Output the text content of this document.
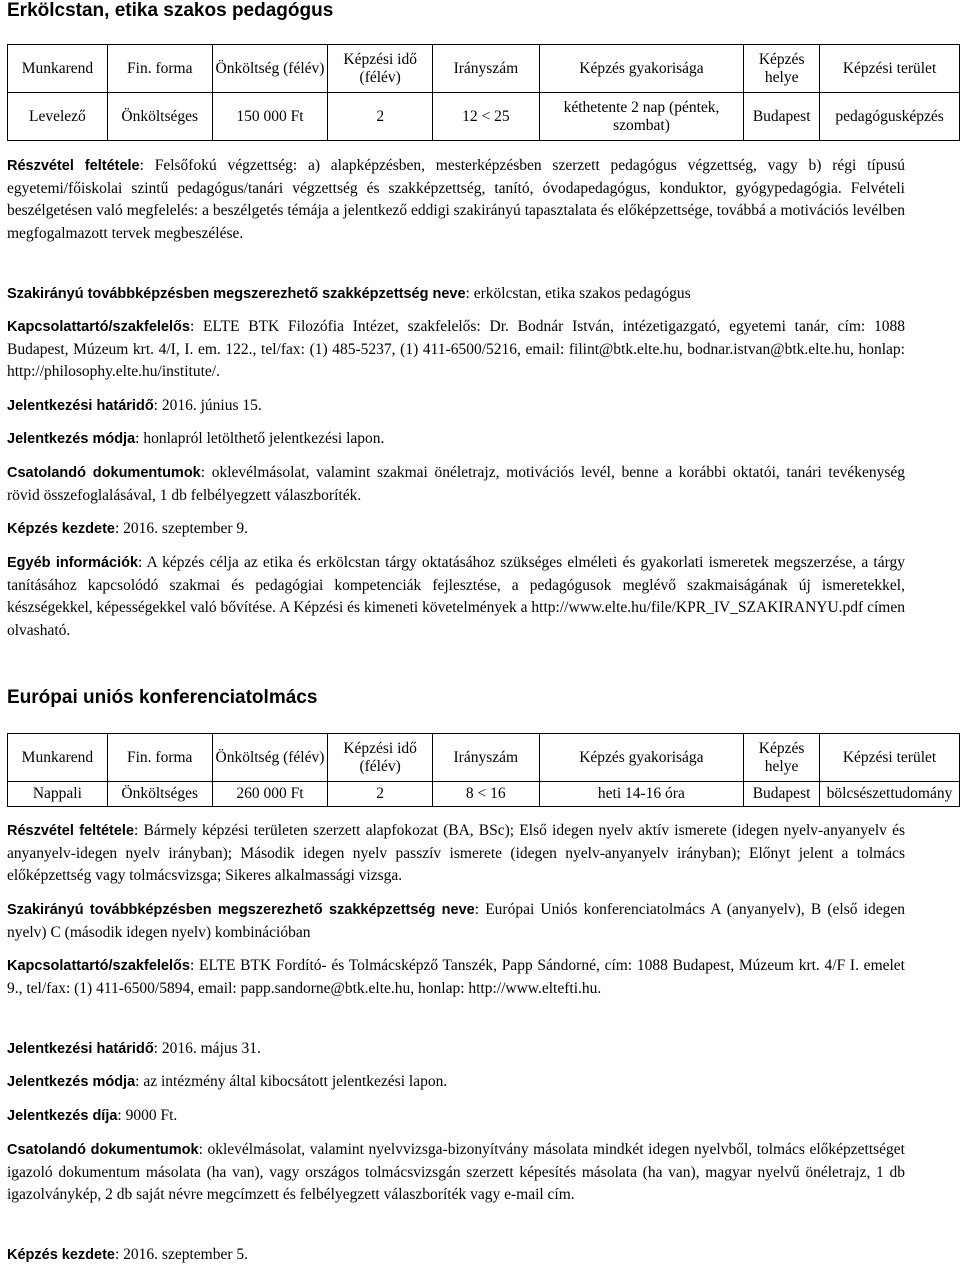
Erkölcstan, etika szakos pedagógus
Munkarend	Fin. forma	Önköltség (félév)	Képzési idő (félév)	Irányszám	Képzés gyakorisága	Képzés helye	Képzési terület
Levelező	Önköltséges	150 000 Ft	2	12 < 25	kéthetente 2 nap (péntek, szombat)	Budapest	pedagógusképzés

Részvétel feltétele: Felsőfokú végzettség: a) alapképzésben, mesterképzésben szerzett pedagógus végzettség, vagy b) régi típusú egyetemi/főiskolai szintű pedagógus/tanári végzettség és szakképzettség, tanító, óvodapedagógus, konduktor, gyógypedagógia. Felvételi beszélgetésen való megfelelés: a beszélgetés témája a jelentkező eddigi szakirányú tapasztalata és előképzettsége, továbbá a motivációs levélben megfogalmazott tervek megbeszélése.

Szakirányú továbbképzésben megszerezhető szakképzettség neve: erkölcstan, etika szakos pedagógus

Kapcsolattartó/szakfelelős: ELTE BTK Filozófia Intézet, szakfelelős: Dr. Bodnár István, intézetigazgató, egyetemi tanár, cím: 1088 Budapest, Múzeum krt. 4/I, I. em. 122., tel/fax: (1) 485-5237, (1) 411-6500/5216, email: filint@btk.elte.hu, bodnar.istvan@btk.elte.hu, honlap: http://philosophy.elte.hu/institute/.

Jelentkezési határidő: 2016. június 15.

Jelentkezés módja: honlapról letölthető jelentkezési lapon.

Csatolandó dokumentumok: oklevélmásolat, valamint szakmai önéletrajz, motivációs levél, benne a korábbi oktatói, tanári tevékenység rövid összefoglalásával, 1 db felbélyegzett válaszboríték.

Képzés kezdete: 2016. szeptember 9.

Egyéb információk: A képzés célja az etika és erkölcstan tárgy oktatásához szükséges elméleti és gyakorlati ismeretek megszerzése, a tárgy tanításához kapcsolódó szakmai és pedagógiai kompetenciák fejlesztése, a pedagógusok meglévő szakmaiságának új ismeretekkel, készségekkel, képességekkel való bővítése. A Képzési és kimeneti követelmények a http://www.elte.hu/file/KPR_IV_SZAKIRANYU.pdf címen olvasható.

Európai uniós konferenciatolmács
Munkarend	Fin. forma	Önköltség (félév)	Képzési idő (félév)	Irányszám	Képzés gyakorisága	Képzés helye	Képzési terület
Nappali	Önköltséges	260 000 Ft	2	8 < 16	heti 14-16 óra	Budapest	bölcsészettudomány

Részvétel feltétele: Bármely képzési területen szerzett alapfokozat (BA, BSc); Első idegen nyelv aktív ismerete (idegen nyelv-anyanyelv és anyanyelv-idegen nyelv irányban); Második idegen nyelv passzív ismerete (idegen nyelv-anyanyelv irányban); Előnyt jelent a tolmács előképzettség vagy tolmácsvizsga; Sikeres alkalmassági vizsga.

Szakirányú továbbképzésben megszerezhető szakképzettség neve: Európai Uniós konferenciatolmács A (anyanyelv), B (első idegen nyelv) C (második idegen nyelv) kombinációban

Kapcsolattartó/szakfelelős: ELTE BTK Fordító- és Tolmácsképző Tanszék, Papp Sándorné, cím: 1088 Budapest, Múzeum krt. 4/F I. emelet 9., tel/fax: (1) 411-6500/5894, email: papp.sandorne@btk.elte.hu, honlap: http://www.eltefti.hu.

Jelentkezési határidő: 2016. május 31.

Jelentkezés módja: az intézmény által kibocsátott jelentkezési lapon.

Jelentkezés díja: 9000 Ft.

Csatolandó dokumentumok: oklevélmásolat, valamint nyelvvizsga-bizonyítvány másolata mindkét idegen nyelvből, tolmács előképzettséget igazoló dokumentum másolata (ha van), vagy országos tolmácsvizsgán szerzett képesítés másolata (ha van), magyar nyelvű önéletrajz, 1 db igazolványkép, 2 db saját névre megcímzett és felbélyegzett válaszboríték vagy e-mail cím.

Képzés kezdete: 2016. szeptember 5.
